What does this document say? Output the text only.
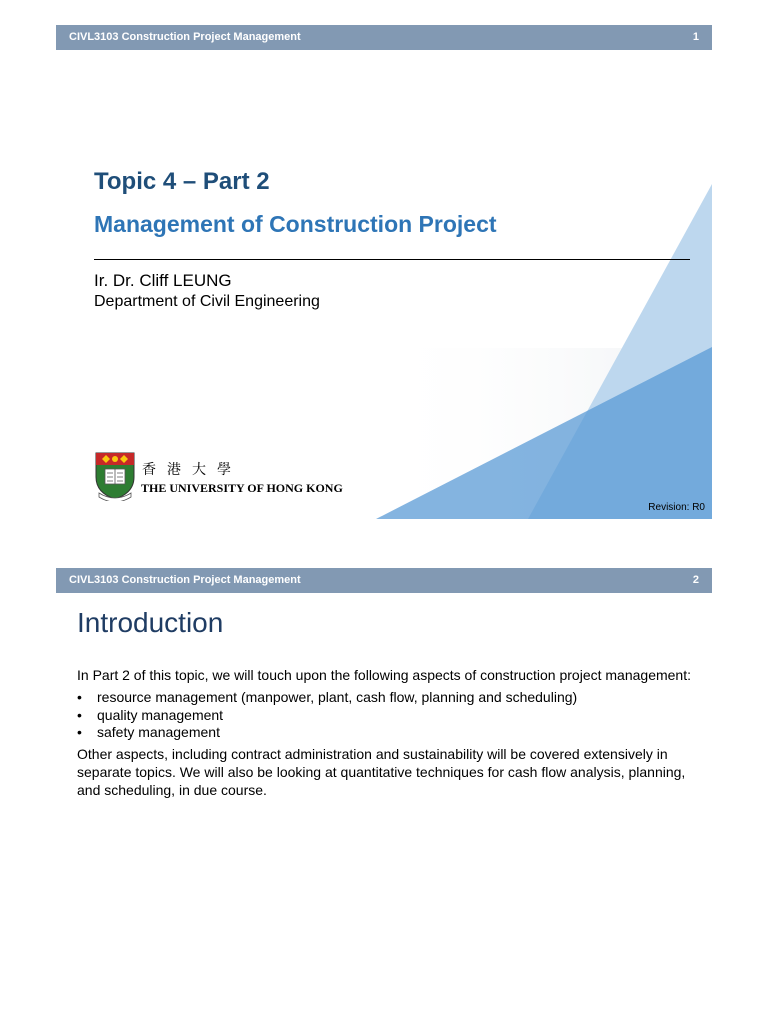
CIVL3103 Construction Project Management	1
Topic 4 – Part 2
Management of Construction Project
Ir. Dr. Cliff LEUNG
Department of Civil Engineering
香港大學
THE UNIVERSITY OF HONG KONG
Revision: R0
CIVL3103 Construction Project Management	2
Introduction

In Part 2 of this topic, we will touch upon the following aspects of construction project management:

• resource management (manpower, plant, cash flow, planning and scheduling)
• quality management
• safety management

Other aspects, including contract administration and sustainability will be covered extensively in separate topics. We will also be looking at quantitative techniques for cash flow analysis, planning, and scheduling, in due course.
